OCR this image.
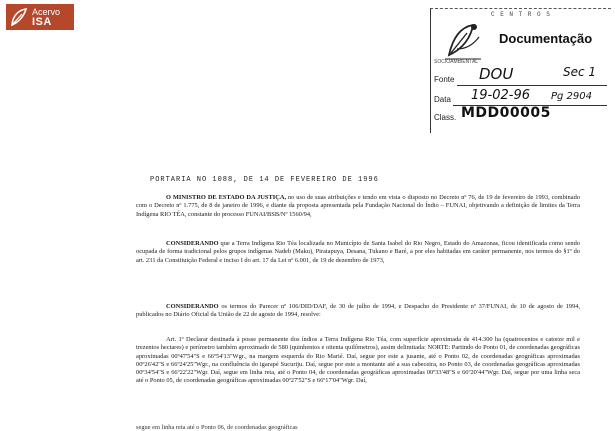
Acervo
ISA
C E N T R O S
SOCIOAMBIENTAL
Documentação
Fonte DOU	Sec 1
Data 19-02-96 Pg 2904
Class. MDD00005
PORTARIA NO 1088, DE 14 DE FEVEREIRO DE 1996
O MINISTRO DE ESTADO DA JUSTIÇA, no uso de suas atribuições e tendo em vista o disposto no Decreto nº 76, de 19 de fevereiro de 1993, combinado com o Decreto nº 1.775, de 8 de janeiro de 1996, e diante da proposta apresentada pela Fundação Nacional do Índio – FUNAI, objetivando a definição de limites da Terra Indígena RIO TÉA, constante do processo FUNAI/BSB/Nº 1560/94,
CONSIDERANDO que a Terra Indígena Rio Téa localizada no Município de Santa Isabel do Rio Negro, Estado do Amazonas, ficou identificada como sendo ocupada de forma tradicional pelos grupos indígenas Nadeb (Maku), Piratapuya, Desana, Tukano e Baré, a por eles habitadas em caráter permanente, nos termos do §1º do art. 231 da Constituição Federal e inciso I do art. 17 da Lei nº 6.001, de 19 de dezembro de 1973,
CONSIDERANDO os termos do Parecer nº 106/DID/DAF, de 30 de julho de 1994, e Despacho do Presidente nº 37/FUNAI, de 10 de agosto de 1994, publicados no Diário Oficial da União de 22 de agosto de 1994, resolve:
Art. 1º Declarar destinada à posse permanente dos índios a Terra Indígena Rio Téa, com superfície aproximada de 414.300 ha (quatrocentos e catorze mil e trezentos hectares) e perímetro também aproximado de 580 (quinhentos e oitenta quilômetros), assim delimitada: NORTE: Partindo do Ponto 01, de coordenadas geográficas aproximadas 00º47'54"S e 66º54'13"Wgr., na margem esquerda do Rio Marié. Daí, segue por este a jusante, até o Ponto 02, de coordenadas geográficas aproximadas 00º26'42"S e 66º24'25"Wgr., na confluência do igarapé Sucuriju. Daí, segue por este a montante até a sua cabeceira, no Ponto 03, de coordenadas geográficas aproximadas 00º34'54"S e 66º22'22"Wgr. Daí, segue em linha reta, até o Ponto 04, de coordenadas geográficas aproximadas 00º33'48"S e 66º20'44"Wgr. Daí, segue por uma linha seca até o Ponto 05, de coordenadas geográficas aproximadas 00º27'52"S e 66º17'04"Wgr. Daí,
segue em linha reta até o Ponto 06, de coordenadas geográficas
